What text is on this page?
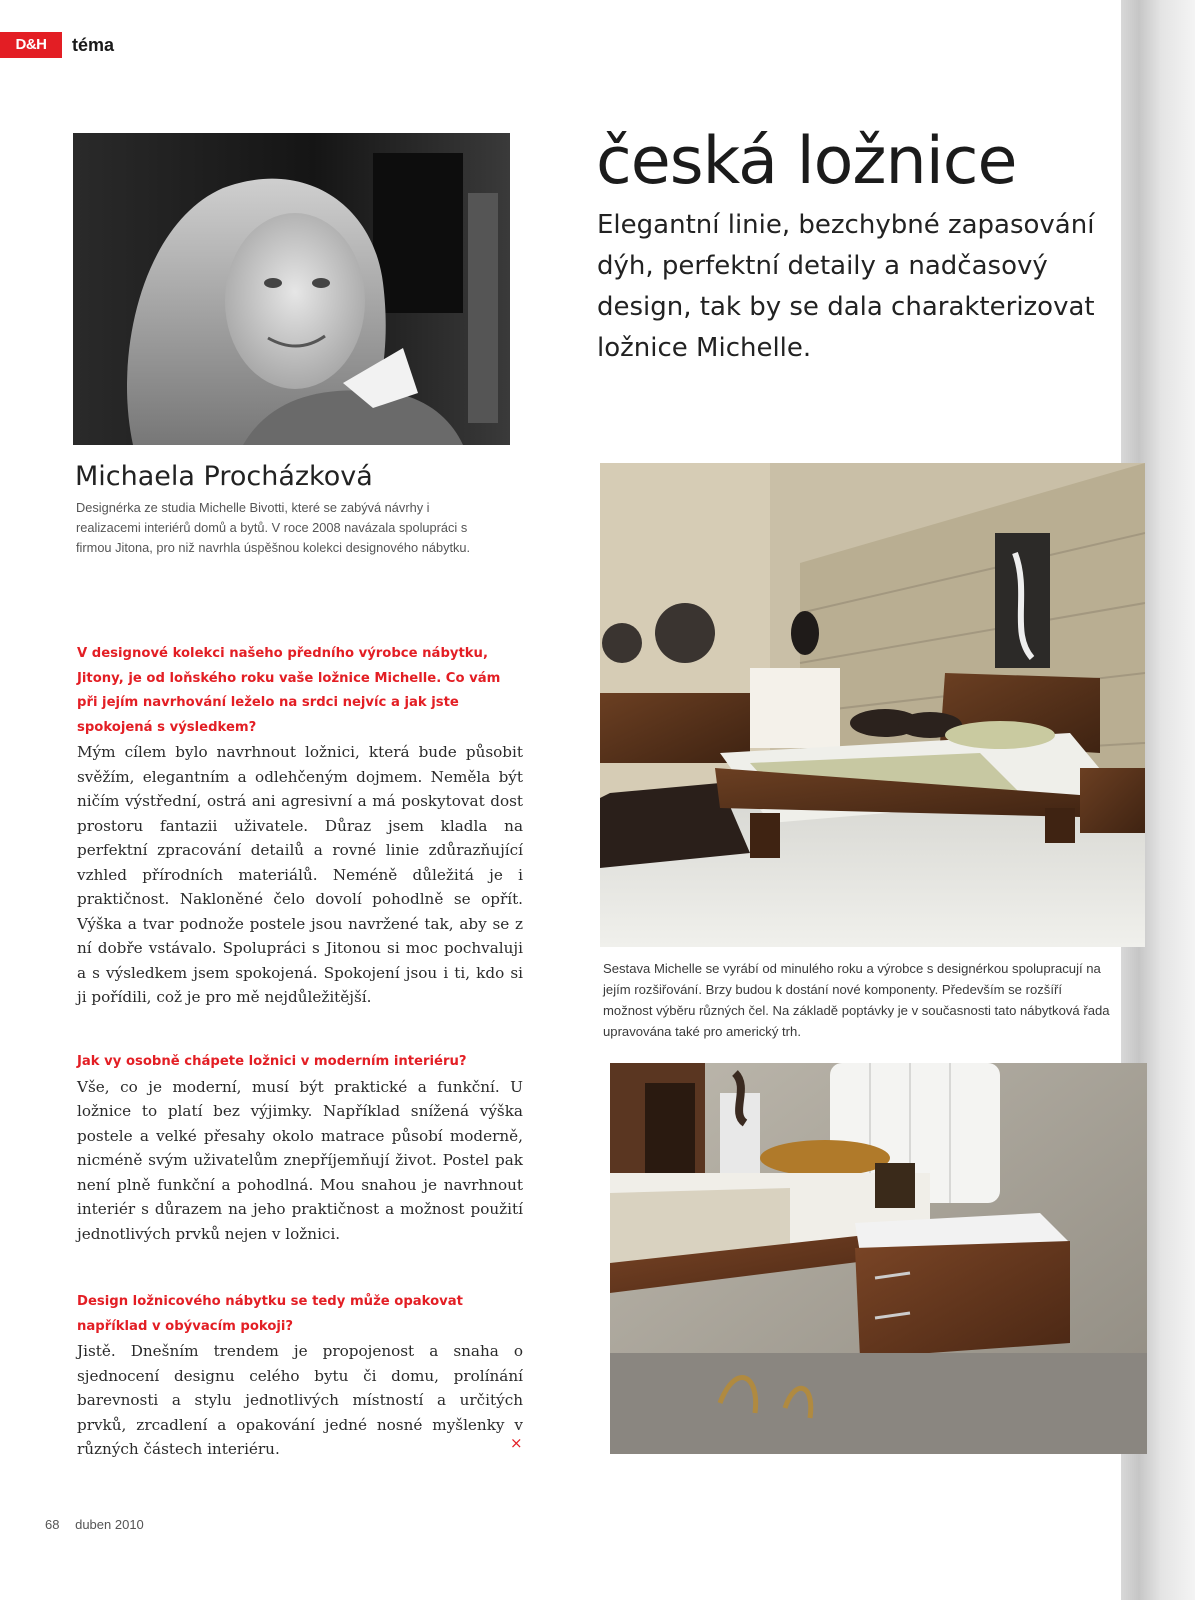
D&H	téma
česká ložnice
Elegantní linie, bezchybné zapasování dýh, perfektní detaily a nadčasový design, tak by se dala charakterizovat ložnice Michelle.
Michaela Procházková
Designérka ze studia Michelle Bivotti, které se zabývá návrhy i realizacemi interiérů domů a bytů. V roce 2008 navázala spolupráci s firmou Jitona, pro niž navrhla úspěšnou kolekci designového nábytku.

V designové kolekci našeho předního výrobce nábytku, Jitony, je od loňského roku vaše ložnice Michelle. Co vám při jejím navrhování leželo na srdci nejvíc a jak jste spokojená s výsledkem?

Mým cílem bylo navrhnout ložnici, která bude působit svěžím, elegantním a odlehčeným dojmem. Neměla být ničím výstřední, ostrá ani agresivní a má poskytovat dost prostoru fantazii uživatele. Důraz jsem kladla na perfektní zpracování detailů a rovné linie zdůrazňující vzhled přírodních materiálů. Nemén​ě důležitá je i praktičnost. Nakloněné čelo dovolí pohodlně se opřít. Výška a tvar podnože postele jsou navržené tak, aby se z ní dobře vstávalo. Spolupráci s Jitonou si moc pochvaluji a s výsledkem jsem spokojená. Spokojení jsou i ti, kdo si ji pořídili, což je pro mě nejdůležitější.

Jak vy osobně chápete ložnici v moderním interiéru?

Vše, co je moderní, musí být praktické a funkční. U ložnice to platí bez výjimky. Například snížená výška postele a velké přesahy okolo matrace působí moderně, nicméně svým uživatelům znepříjemňují život. Postel pak není plně funkční a pohodlná. Mou snahou je navrhnout interiér s důrazem na jeho praktičnost a možnost použití jednotlivých prvků nejen v ložnici.

Design ložnicového nábytku se tedy může opakovat například v obývacím pokoji?

Jistě. Dnešním trendem je propojenost a snaha o sjednocení designu celého bytu či domu, prolínání barevnosti a stylu jednotlivých místností a určitých prvků, zrcadlení a opakování jedné nosné myšlenky v různých částech interiéru.	×
Sestava Michelle se vyrábí od minulého roku a výrobce s designérkou spolupracují na jejím rozšiřování. Brzy budou k dostání nové komponenty. Především se rozšíří možnost výběru různých čel. Na základě poptávky je v současnosti tato nábytková řada upravována také pro americký trh.
68 duben 2010
